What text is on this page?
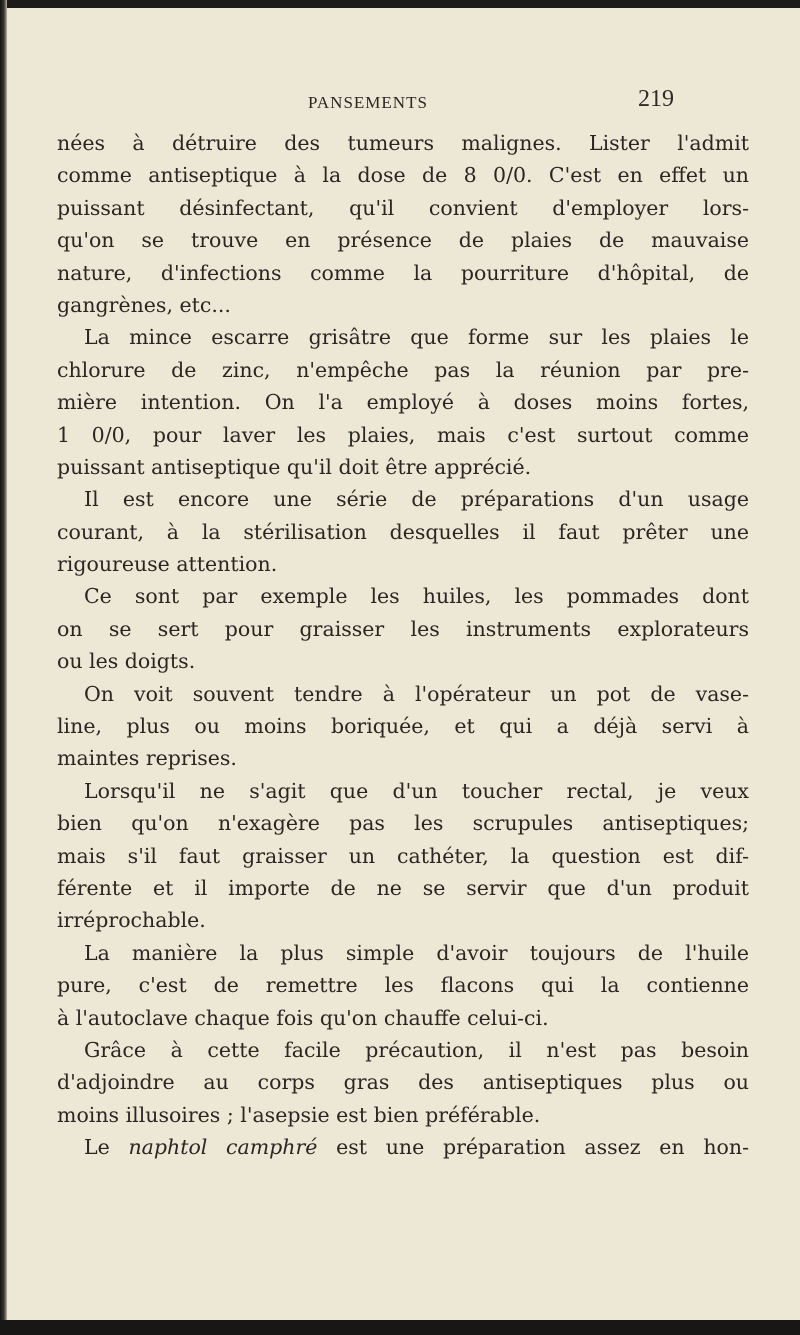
PANSEMENTS	219
nées à détruire des tumeurs malignes. Lister l'admit
comme antiseptique à la dose de 8 0/0. C'est en effet un
puissant désinfectant, qu'il convient d'employer lors-
qu'on se trouve en présence de plaies de mauvaise
nature, d'infections comme la pourriture d'hôpital, de
gangrènes, etc...
La mince escarre grisâtre que forme sur les plaies le
chlorure de zinc, n'empêche pas la réunion par pre-
mière intention. On l'a employé à doses moins fortes,
1 0/0, pour laver les plaies, mais c'est surtout comme
puissant antiseptique qu'il doit être apprécié.
Il est encore une série de préparations d'un usage
courant, à la stérilisation desquelles il faut prêter une
rigoureuse attention.
Ce sont par exemple les huiles, les pommades dont
on se sert pour graisser les instruments explorateurs
ou les doigts.
On voit souvent tendre à l'opérateur un pot de vase-
line, plus ou moins boriquée, et qui a déjà servi à
maintes reprises.
Lorsqu'il ne s'agit que d'un toucher rectal, je veux
bien qu'on n'exagère pas les scrupules antiseptiques;
mais s'il faut graisser un cathéter, la question est dif-
férente et il importe de ne se servir que d'un produit
irréprochable.
La manière la plus simple d'avoir toujours de l'huile
pure, c'est de remettre les flacons qui la contienne
à l'autoclave chaque fois qu'on chauffe celui-ci.
Grâce à cette facile précaution, il n'est pas besoin
d'adjoindre au corps gras des antiseptiques plus ou
moins illusoires ; l'asepsie est bien préférable.
Le naphtol camphré est une préparation assez en hon-
